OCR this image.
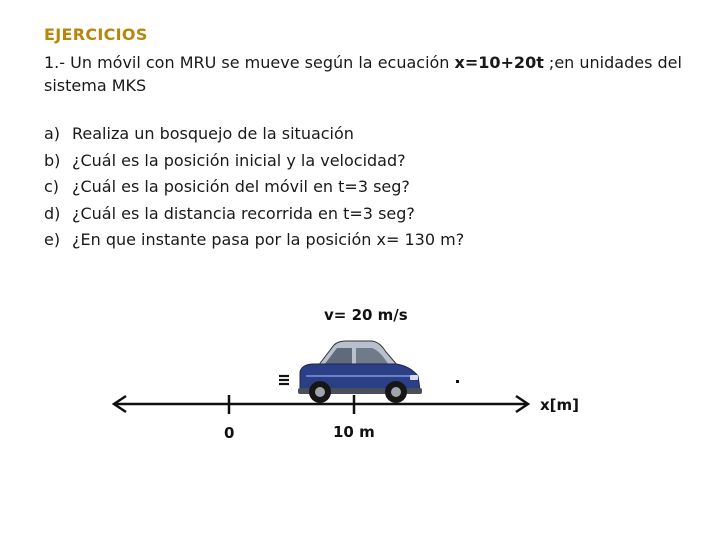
EJERCICIOS
1.- Un móvil con MRU se mueve según la ecuación x=10+20t ;en unidades del sistema MKS
a) Realiza un bosquejo de la situación
b) ¿Cuál es la posición inicial y la velocidad?
c) ¿Cuál es la posición del móvil en t=3 seg?
d) ¿Cuál es la distancia recorrida en t=3 seg?
e) ¿En que instante pasa por la posición x= 130 m?
v= 20 m/s
x[m]
0	10 m
